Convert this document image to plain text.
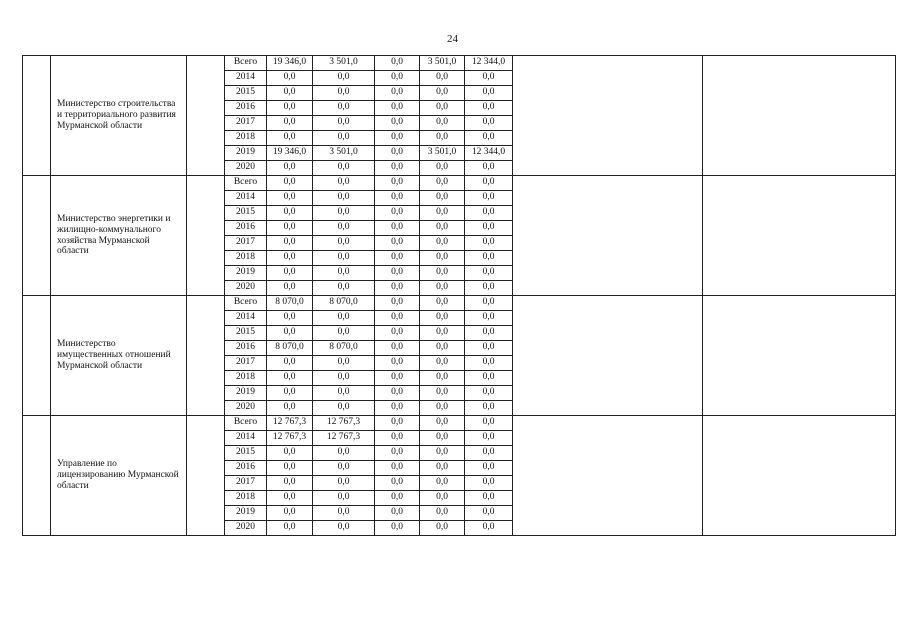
24
	Министерство строительства и территориального развития Мурманской области		Всего	19 346,0	3 501,0	0,0	3 501,0	12 344,0		
			2014	0,0	0,0	0,0	0,0	0,0		
			2015	0,0	0,0	0,0	0,0	0,0		
			2016	0,0	0,0	0,0	0,0	0,0		
			2017	0,0	0,0	0,0	0,0	0,0		
			2018	0,0	0,0	0,0	0,0	0,0		
			2019	19 346,0	3 501,0	0,0	3 501,0	12 344,0		
			2020	0,0	0,0	0,0	0,0	0,0		
	Министерство энергетики и жилищно-коммунального хозяйства Мурманской области		Всего	0,0	0,0	0,0	0,0	0,0		
			2014	0,0	0,0	0,0	0,0	0,0		
			2015	0,0	0,0	0,0	0,0	0,0		
			2016	0,0	0,0	0,0	0,0	0,0		
			2017	0,0	0,0	0,0	0,0	0,0		
			2018	0,0	0,0	0,0	0,0	0,0		
			2019	0,0	0,0	0,0	0,0	0,0		
			2020	0,0	0,0	0,0	0,0	0,0		
	Министерство имущественных отношений Мурманской области		Всего	8 070,0	8 070,0	0,0	0,0	0,0		
			2014	0,0	0,0	0,0	0,0	0,0		
			2015	0,0	0,0	0,0	0,0	0,0		
			2016	8 070,0	8 070,0	0,0	0,0	0,0		
			2017	0,0	0,0	0,0	0,0	0,0		
			2018	0,0	0,0	0,0	0,0	0,0		
			2019	0,0	0,0	0,0	0,0	0,0		
			2020	0,0	0,0	0,0	0,0	0,0		
	Управление по лицензированию Мурманской области		Всего	12 767,3	12 767,3	0,0	0,0	0,0		
			2014	12 767,3	12 767,3	0,0	0,0	0,0		
			2015	0,0	0,0	0,0	0,0	0,0		
			2016	0,0	0,0	0,0	0,0	0,0		
			2017	0,0	0,0	0,0	0,0	0,0		
			2018	0,0	0,0	0,0	0,0	0,0		
			2019	0,0	0,0	0,0	0,0	0,0		
			2020	0,0	0,0	0,0	0,0	0,0		
